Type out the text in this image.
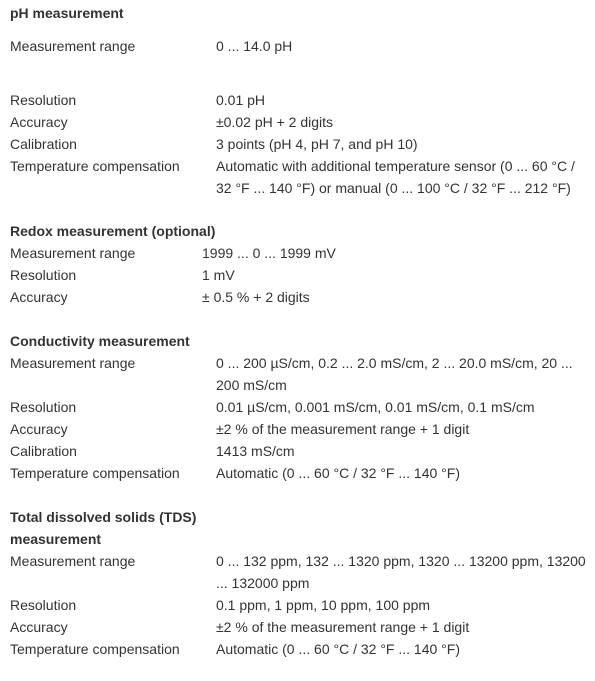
pH measurement
Measurement range	0 ... 14.0 pH
Resolution	0.01 pH
Accuracy	±0.02 pH + 2 digits
Calibration	3 points (pH 4, pH 7, and pH 10)
Temperature compensation	Automatic with additional temperature sensor (0 ... 60 °C / 32 °F ... 140 °F) or manual (0 ... 100 °C / 32 °F ... 212 °F)
Redox measurement (optional)
Measurement range	1999 ... 0 ... 1999 mV
Resolution	1 mV
Accuracy	± 0.5 % + 2 digits
Conductivity measurement
Measurement range	0 ... 200 µS/cm, 0.2 ... 2.0 mS/cm, 2 ... 20.0 mS/cm, 20 ... 200 mS/cm
Resolution	0.01 µS/cm, 0.001 mS/cm, 0.01 mS/cm, 0.1 mS/cm
Accuracy	±2 % of the measurement range + 1 digit
Calibration	1413 mS/cm
Temperature compensation	Automatic (0 ... 60 °C / 32 °F ... 140 °F)
Total dissolved solids (TDS) measurement
Measurement range	0 ... 132 ppm, 132 ... 1320 ppm, 1320 ... 13200 ppm, 13200 ... 132000 ppm
Resolution	0.1 ppm, 1 ppm, 10 ppm, 100 ppm
Accuracy	±2 % of the measurement range + 1 digit
Temperature compensation	Automatic (0 ... 60 °C / 32 °F ... 140 °F)
